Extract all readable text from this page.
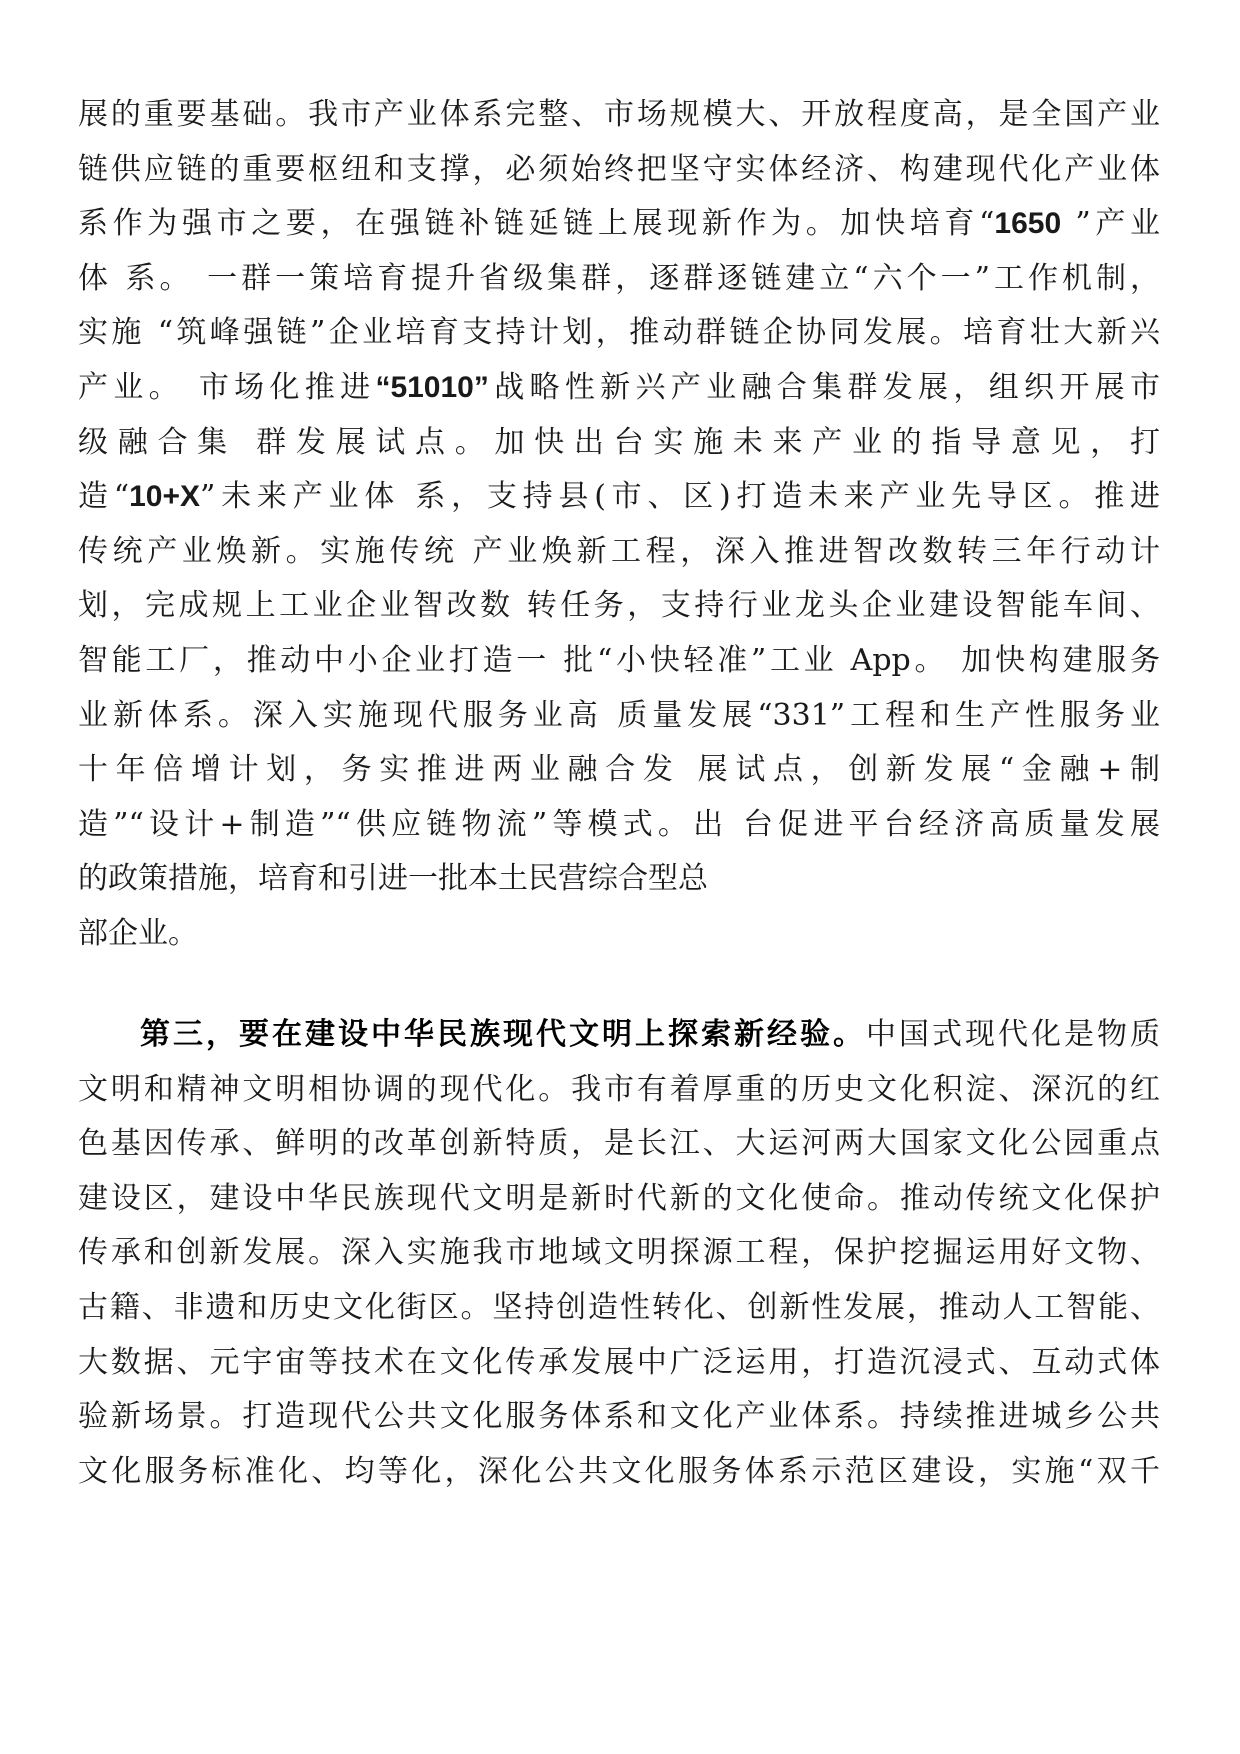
展的重要基础。我市产业体系完整、市场规模大、开放程度高，是全国产业
链供应链的重要枢纽和支撑，必须始终把坚守实体经济、构建现代化产业体
系作为强市之要，在强链补链延链上展现新作为。加快培育“1650 ”产业
体 系。 一群一策培育提升省级集群，逐群逐链建立“六个一”工作机制，
实施 “筑峰强链”企业培育支持计划，推动群链企协同发展。培育壮大新兴
产业。 市场化推进“51010”战略性新兴产业融合集群发展，组织开展市
级融合集 群发展试点。加快出台实施未来产业的指导意见，打
造“10+X”未来产业体 系，支持县(市、区)打造未来产业先导区。推进
传统产业焕新。实施传统 产业焕新工程，深入推进智改数转三年行动计
划，完成规上工业企业智改数 转任务，支持行业龙头企业建设智能车间、
智能工厂，推动中小企业打造一 批“小快轻准”工业 App。 加快构建服务
业新体系。深入实施现代服务业高 质量发展“331”工程和生产性服务业
十年倍增计划，务实推进两业融合发 展试点，创新发展“金融+制
造”“设计+制造”“供应链物流”等模式。出 台促进平台经济高质量发展
的政策措施，培育和引进一批本土民营综合型总
部企业。
第三，要在建设中华民族现代文明上探索新经验。中国式现代化是物质
文明和精神文明相协调的现代化。我市有着厚重的历史文化积淀、深沉的红
色基因传承、鲜明的改革创新特质，是长江、大运河两大国家文化公园重点
建设区，建设中华民族现代文明是新时代新的文化使命。推动传统文化保护
传承和创新发展。深入实施我市地域文明探源工程，保护挖掘运用好文物、
古籍、非遗和历史文化街区。坚持创造性转化、创新性发展，推动人工智能、
大数据、元宇宙等技术在文化传承发展中广泛运用，打造沉浸式、互动式体
验新场景。打造现代公共文化服务体系和文化产业体系。持续推进城乡公共
文化服务标准化、均等化，深化公共文化服务体系示范区建设，实施“双千
